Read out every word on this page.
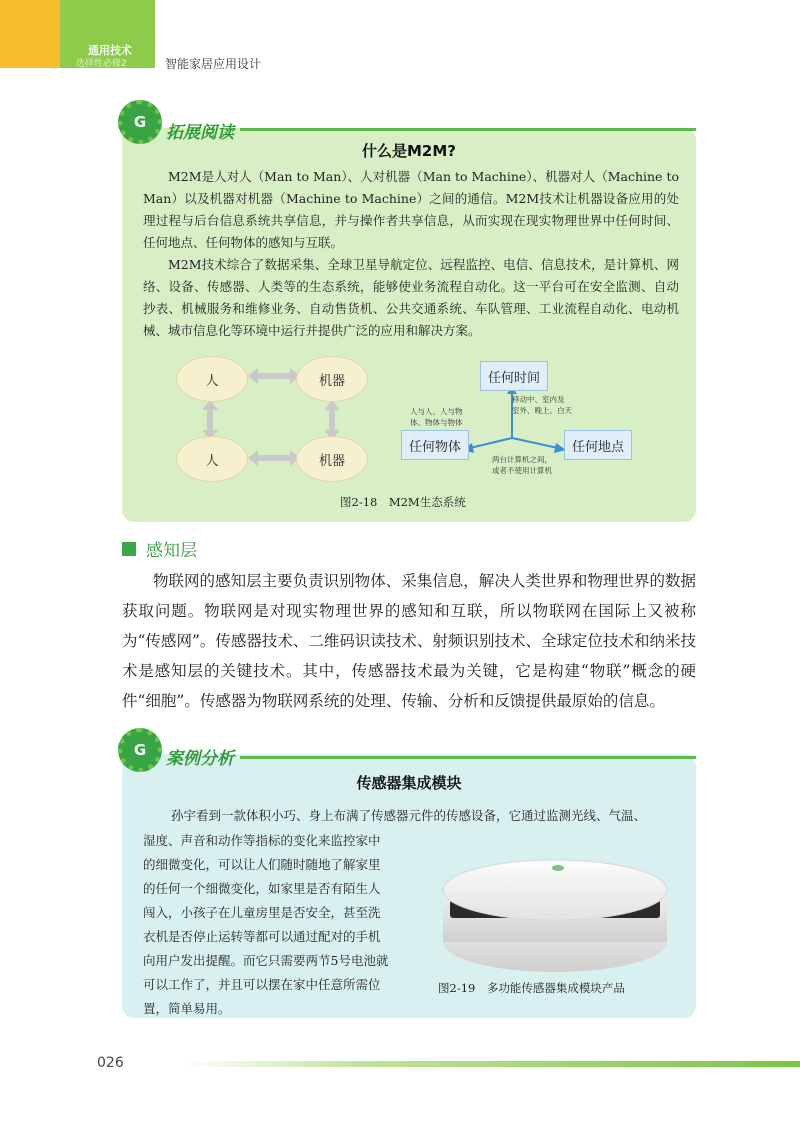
通用技术
选择性必修2	智能家居应用设计
G
拓展阅读
什么是M2M?
M2M是人对人（Man to Man）、人对机器（Man to Machine）、机器对人（Machine to Man）以及机器对机器（Machine to Machine）之间的通信。M2M技术让机器设备应用的处理过程与后台信息系统共享信息，并与操作者共享信息，从而实现在现实物理世界中任何时间、任何地点、任何物体的感知与互联。
M2M技术综合了数据采集、全球卫星导航定位、远程监控、电信、信息技术，是计算机、网络、设备、传感器、人类等的生态系统，能够使业务流程自动化。这一平台可在安全监测、自动抄表、机械服务和维修业务、自动售货机、公共交通系统、车队管理、工业流程自动化、电动机械、城市信息化等环境中运行并提供广泛的应用和解决方案。
人	机器
人	机器
任何时间
任何物体	任何地点
移动中、室内及
室外、晚上、白天
人与人、人与物
体、物体与物体
两台计算机之间，
或者不使用计算机
图2-18　M2M生态系统
感知层
物联网的感知层主要负责识别物体、采集信息，解决人类世界和物理世界的数据获取问题。物联网是对现实物理世界的感知和互联，所以物联网在国际上又被称为“传感网”。传感器技术、二维码识读技术、射频识别技术、全球定位技术和纳米技术是感知层的关键技术。其中，传感器技术最为关键，它是构建“物联”概念的硬件“细胞”。传感器为物联网系统的处理、传输、分析和反馈提供最原始的信息。
G	案例分析
传感器集成模块
孙宇看到一款体积小巧、身上布满了传感器元件的传感设备，它通过监测光线、气温、
湿度、声音和动作等指标的变化来监控家中
的细微变化，可以让人们随时随地了解家里
的任何一个细微变化，如家里是否有陌生人
闯入，小孩子在儿童房里是否安全，甚至洗
衣机是否停止运转等都可以通过配对的手机
向用户发出提醒。而它只需要两节5号电池就
可以工作了，并且可以摆在家中任意所需位
置，简单易用。
图2-19　多功能传感器集成模块产品
026
